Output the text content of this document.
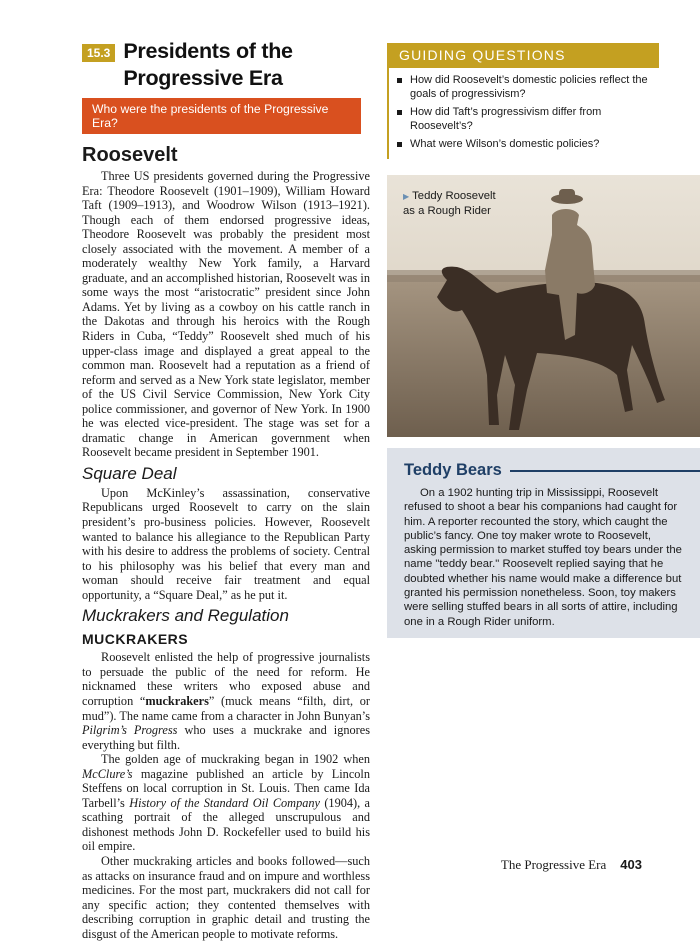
15.3 Presidents of the
Progressive Era
Who were the presidents of the Progressive Era?
Roosevelt

Three US presidents governed during the Progressive Era: Theodore Roosevelt (1901–1909), William Howard Taft (1909–1913), and Woodrow Wilson (1913–1921). Though each of them endorsed progressive ideas, Theodore Roosevelt was probably the president most closely associated with the movement. A member of a moderately wealthy New York family, a Harvard graduate, and an accomplished historian, Roosevelt was in some ways the most “aristocratic” president since John Adams. Yet by living as a cowboy on his cattle ranch in the Dakotas and through his heroics with the Rough Riders in Cuba, “Teddy” Roosevelt shed much of his upper-class image and displayed a great appeal to the common man. Roosevelt had a reputation as a friend of reform and served as a New York state legislator, member of the US Civil Service Commission, New York City police commissioner, and governor of New York. In 1900 he was elected vice-president. The stage was set for a dramatic change in American government when Roosevelt became president in September 1901.

Square Deal

Upon McKinley’s assassination, conservative Republicans urged Roosevelt to carry on the slain president’s pro-business policies. However, Roosevelt wanted to balance his allegiance to the Republican Party with his desire to address the problems of society. Central to his philosophy was his belief that every man and woman should receive fair treatment and equal opportunity, a “Square Deal,” as he put it.

Muckrakers and Regulation
MUCKRAKERS

Roosevelt enlisted the help of progressive journalists to persuade the public of the need for reform. He nicknamed these writers who exposed abuse and corruption “muckrakers” (muck means “filth, dirt, or mud”). The name came from a character in John Bunyan’s Pilgrim’s Progress who uses a muckrake and ignores everything but filth.

The golden age of muckraking began in 1902 when McClure’s magazine published an article by Lincoln Steffens on local corruption in St. Louis. Then came Ida Tarbell’s History of the Standard Oil Company (1904), a scathing portrait of the alleged unscrupulous and dishonest methods John D. Rockefeller used to build his oil empire.

Other muckraking articles and books followed—such as attacks on insurance fraud and on impure and worthless medicines. For the most part, muckrakers did not call for any specific action; they contented themselves with describing corruption in graphic detail and trusting the disgust of the American people to motivate reforms.

GUIDING QUESTIONS
How did Roosevelt’s domestic policies reflect the goals of progressivism?
How did Taft’s progressivism differ from Roosevelt’s?
What were Wilson’s domestic policies?
▶ Teddy Roosevelt
as a Rough Rider
Teddy Bears

On a 1902 hunting trip in Mississippi, Roosevelt refused to shoot a bear his companions had caught for him. A reporter recounted the story, which caught the public’s fancy. One toy maker wrote to Roosevelt, asking permission to market stuffed toy bears under the name "teddy bear." Roosevelt replied saying that he doubted whether his name would make a difference but granted his permission nonetheless. Soon, toy makers were selling stuffed bears in all sorts of attire, including one in a Rough Rider uniform.

The Progressive Era 403
